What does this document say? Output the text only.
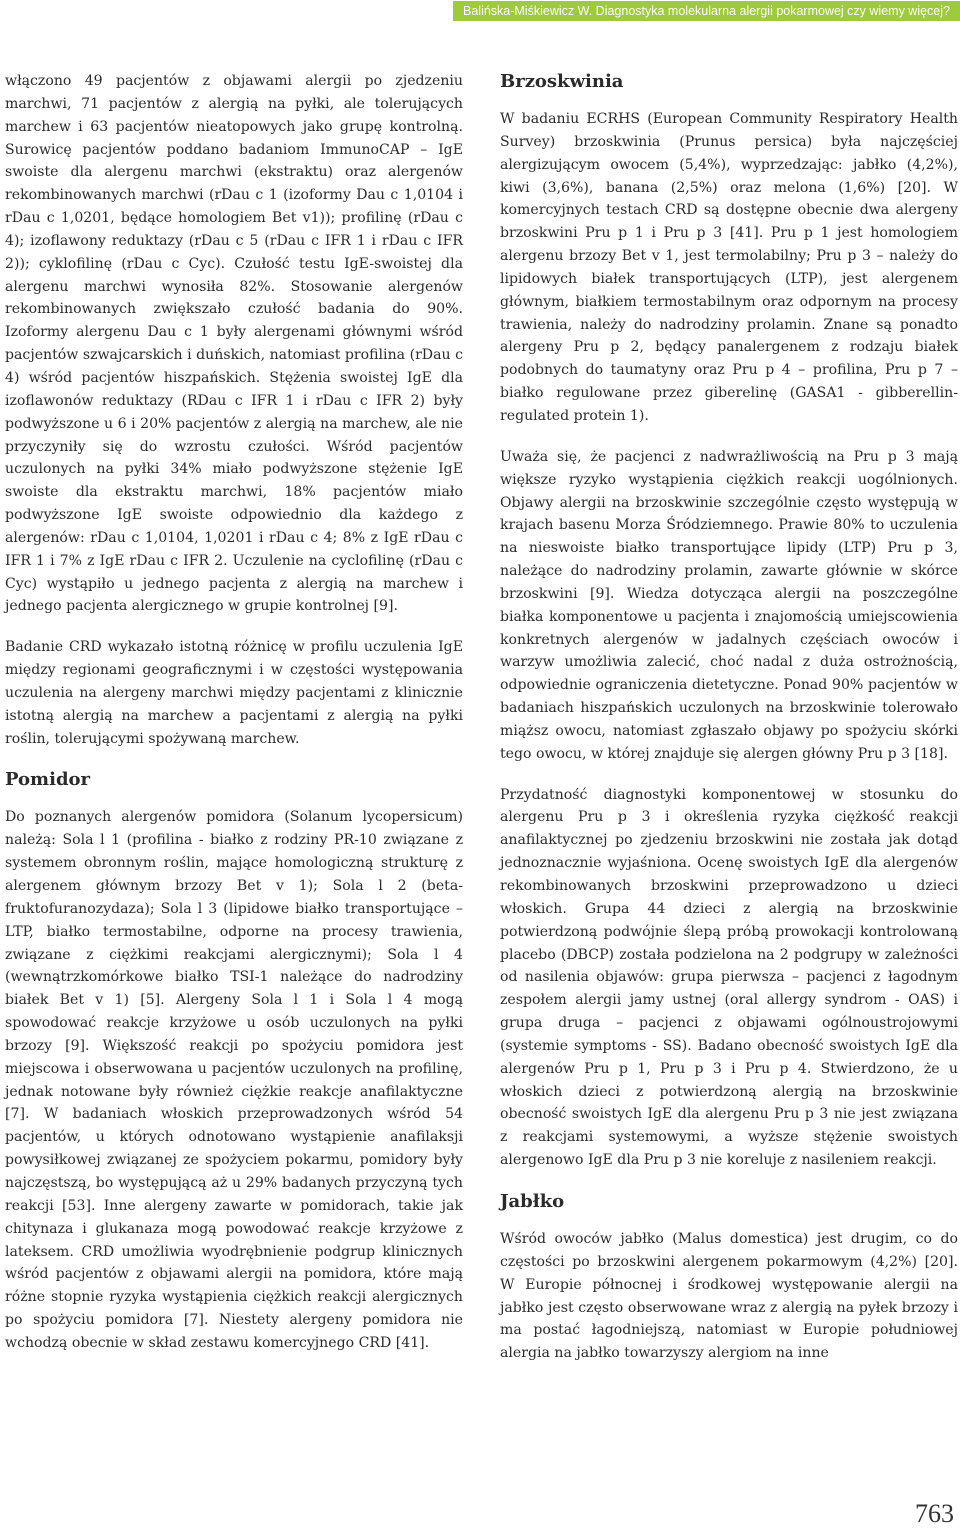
Balińska-Miśkiewicz W. Diagnostyka molekularna alergii pokarmowej czy wiemy więcej?

włączono 49 pacjentów z objawami alergii po zjedzeniu marchwi, 71 pacjentów z alergią na pyłki, ale tolerujących marchew i 63 pacjentów nieatopowych jako grupę kontrolną. Surowicę pacjentów poddano badaniom ImmunoCAP – IgE swoiste dla alergenu marchwi (ekstraktu) oraz alergenów rekombinowanych marchwi (rDau c 1 (izoformy Dau c 1,0104 i rDau c 1,0201, będące homologiem Bet v1)); profilinę (rDau c 4); izoflawony reduktazy (rDau c 5 (rDau c IFR 1 i rDau c IFR 2)); cyklofilinę (rDau c Cyc). Czułość testu IgE-swoistej dla alergenu marchwi wynosiła 82%. Stosowanie alergenów rekombinowanych zwiększało czułość badania do 90%. Izoformy alergenu Dau c 1 były alergenami głównymi wśród pacjentów szwajcarskich i duńskich, natomiast profilina (rDau c 4) wśród pacjentów hiszpańskich. Stężenia swoistej IgE dla izoflawonów reduktazy (RDau c IFR 1 i rDau c IFR 2) były podwyższone u 6 i 20% pacjentów z alergią na marchew, ale nie przyczyniły się do wzrostu czułości. Wśród pacjentów uczulonych na pyłki 34% miało podwyższone stężenie IgE swoiste dla ekstraktu marchwi, 18% pacjentów miało podwyższone IgE swoiste odpowiednio dla każdego z alergenów: rDau c 1,0104, 1,0201 i rDau c 4; 8% z IgE rDau c IFR 1 i 7% z IgE rDau c IFR 2. Uczulenie na cyclofilinę (rDau c Cyc) wystąpiło u jednego pacjenta z alergią na marchew i jednego pacjenta alergicznego w grupie kontrolnej [9].

Badanie CRD wykazało istotną różnicę w profilu uczulenia IgE między regionami geograficznymi i w częstości występowania uczulenia na alergeny marchwi między pacjentami z klinicznie istotną alergią na marchew a pacjentami z alergią na pyłki roślin, tolerującymi spożywaną marchew.

Pomidor

Do poznanych alergenów pomidora (Solanum lycopersicum) należą: Sola l 1 (profilina - białko z rodziny PR-10 związane z systemem obronnym roślin, mające homologiczną strukturę z alergenem głównym brzozy Bet v 1); Sola l 2 (beta-fruktofuranozydaza); Sola l 3 (lipidowe białko transportujące – LTP, białko termostabilne, odporne na procesy trawienia, związane z ciężkimi reakcjami alergicznymi); Sola l 4 (wewnątrzkomórkowe białko TSI-1 należące do nadrodziny białek Bet v 1) [5]. Alergeny Sola l 1 i Sola l 4 mogą spowodować reakcje krzyżowe u osób uczulonych na pyłki brzozy [9]. Większość reakcji po spożyciu pomidora jest miejscowa i obserwowana u pacjentów uczulonych na profilinę, jednak notowane były również ciężkie reakcje anafilaktyczne [7]. W badaniach włoskich przeprowadzonych wśród 54 pacjentów, u których odnotowano wystąpienie anafilaksji powysiłkowej związanej ze spożyciem pokarmu, pomidory były najczęstszą, bo występującą aż u 29% badanych przyczyną tych reakcji [53]. Inne alergeny zawarte w pomidorach, takie jak chitynaza i glukanaza mogą powodować reakcje krzyżowe z lateksem. CRD umożliwia wyodrębnienie podgrup klinicznych wśród pacjentów z objawami alergii na pomidora, które mają różne stopnie ryzyka wystąpienia ciężkich reakcji alergicznych po spożyciu pomidora [7]. Niestety alergeny pomidora nie wchodzą obecnie w skład zestawu komercyjnego CRD [41].

Brzoskwinia

W badaniu ECRHS (European Community Respiratory Health Survey) brzoskwinia (Prunus persica) była najczęściej alergizującym owocem (5,4%), wyprzedzając: jabłko (4,2%), kiwi (3,6%), banana (2,5%) oraz melona (1,6%) [20]. W komercyjnych testach CRD są dostępne obecnie dwa alergeny brzoskwini Pru p 1 i Pru p 3 [41]. Pru p 1 jest homologiem alergenu brzozy Bet v 1, jest termolabilny; Pru p 3 – należy do lipidowych białek transportujących (LTP), jest alergenem głównym, białkiem termostabilnym oraz odpornym na procesy trawienia, należy do nadrodziny prolamin. Znane są ponadto alergeny Pru p 2, będący panalergenem z rodzaju białek podobnych do taumatyny oraz Pru p 4 – profilina, Pru p 7 – białko regulowane przez giberelinę (GASA1 - gibberellin-regulated protein 1).

Uważa się, że pacjenci z nadwrażliwością na Pru p 3 mają większe ryzyko wystąpienia ciężkich reakcji uogólnionych. Objawy alergii na brzoskwinie szczególnie często występują w krajach basenu Morza Śródziemnego. Prawie 80% to uczulenia na nieswoiste białko transportujące lipidy (LTP) Pru p 3, należące do nadrodziny prolamin, zawarte głównie w skórce brzoskwini [9]. Wiedza dotycząca alergii na poszczególne białka komponentowe u pacjenta i znajomością umiejscowienia konkretnych alergenów w jadalnych częściach owoców i warzyw umożliwia zalecić, choć nadal z duża ostrożnością, odpowiednie ograniczenia dietetyczne. Ponad 90% pacjentów w badaniach hiszpańskich uczulonych na brzoskwinie tolerowało miąższ owocu, natomiast zgłaszało objawy po spożyciu skórki tego owocu, w której znajduje się alergen główny Pru p 3 [18].

Przydatność diagnostyki komponentowej w stosunku do alergenu Pru p 3 i określenia ryzyka ciężkość reakcji anafilaktycznej po zjedzeniu brzoskwini nie została jak dotąd jednoznacznie wyjaśniona. Ocenę swoistych IgE dla alergenów rekombinowanych brzoskwini przeprowadzono u dzieci włoskich. Grupa 44 dzieci z alergią na brzoskwinie potwierdzoną podwójnie ślepą próbą prowokacji kontrolowaną placebo (DBCP) została podzielona na 2 podgrupy w zależności od nasilenia objawów: grupa pierwsza – pacjenci z łagodnym zespołem alergii jamy ustnej (oral allergy syndrom - OAS) i grupa druga – pacjenci z objawami ogólnoustrojowymi (systemie symptoms - SS). Badano obecność swoistych IgE dla alergenów Pru p 1, Pru p 3 i Pru p 4. Stwierdzono, że u włoskich dzieci z potwierdzoną alergią na brzoskwinie obecność swoistych IgE dla alergenu Pru p 3 nie jest związana z reakcjami systemowymi, a wyższe stężenie swoistych alergenowo IgE dla Pru p 3 nie koreluje z nasileniem reakcji.

Jabłko

Wśród owoców jabłko (Malus domestica) jest drugim, co do częstości po brzoskwini alergenem pokarmowym (4,2%) [20]. W Europie północnej i środkowej występowanie alergii na jabłko jest często obserwowane wraz z alergią na pyłek brzozy i ma postać łagodniejszą, natomiast w Europie południowej alergia na jabłko towarzyszy alergiom na inne

763
